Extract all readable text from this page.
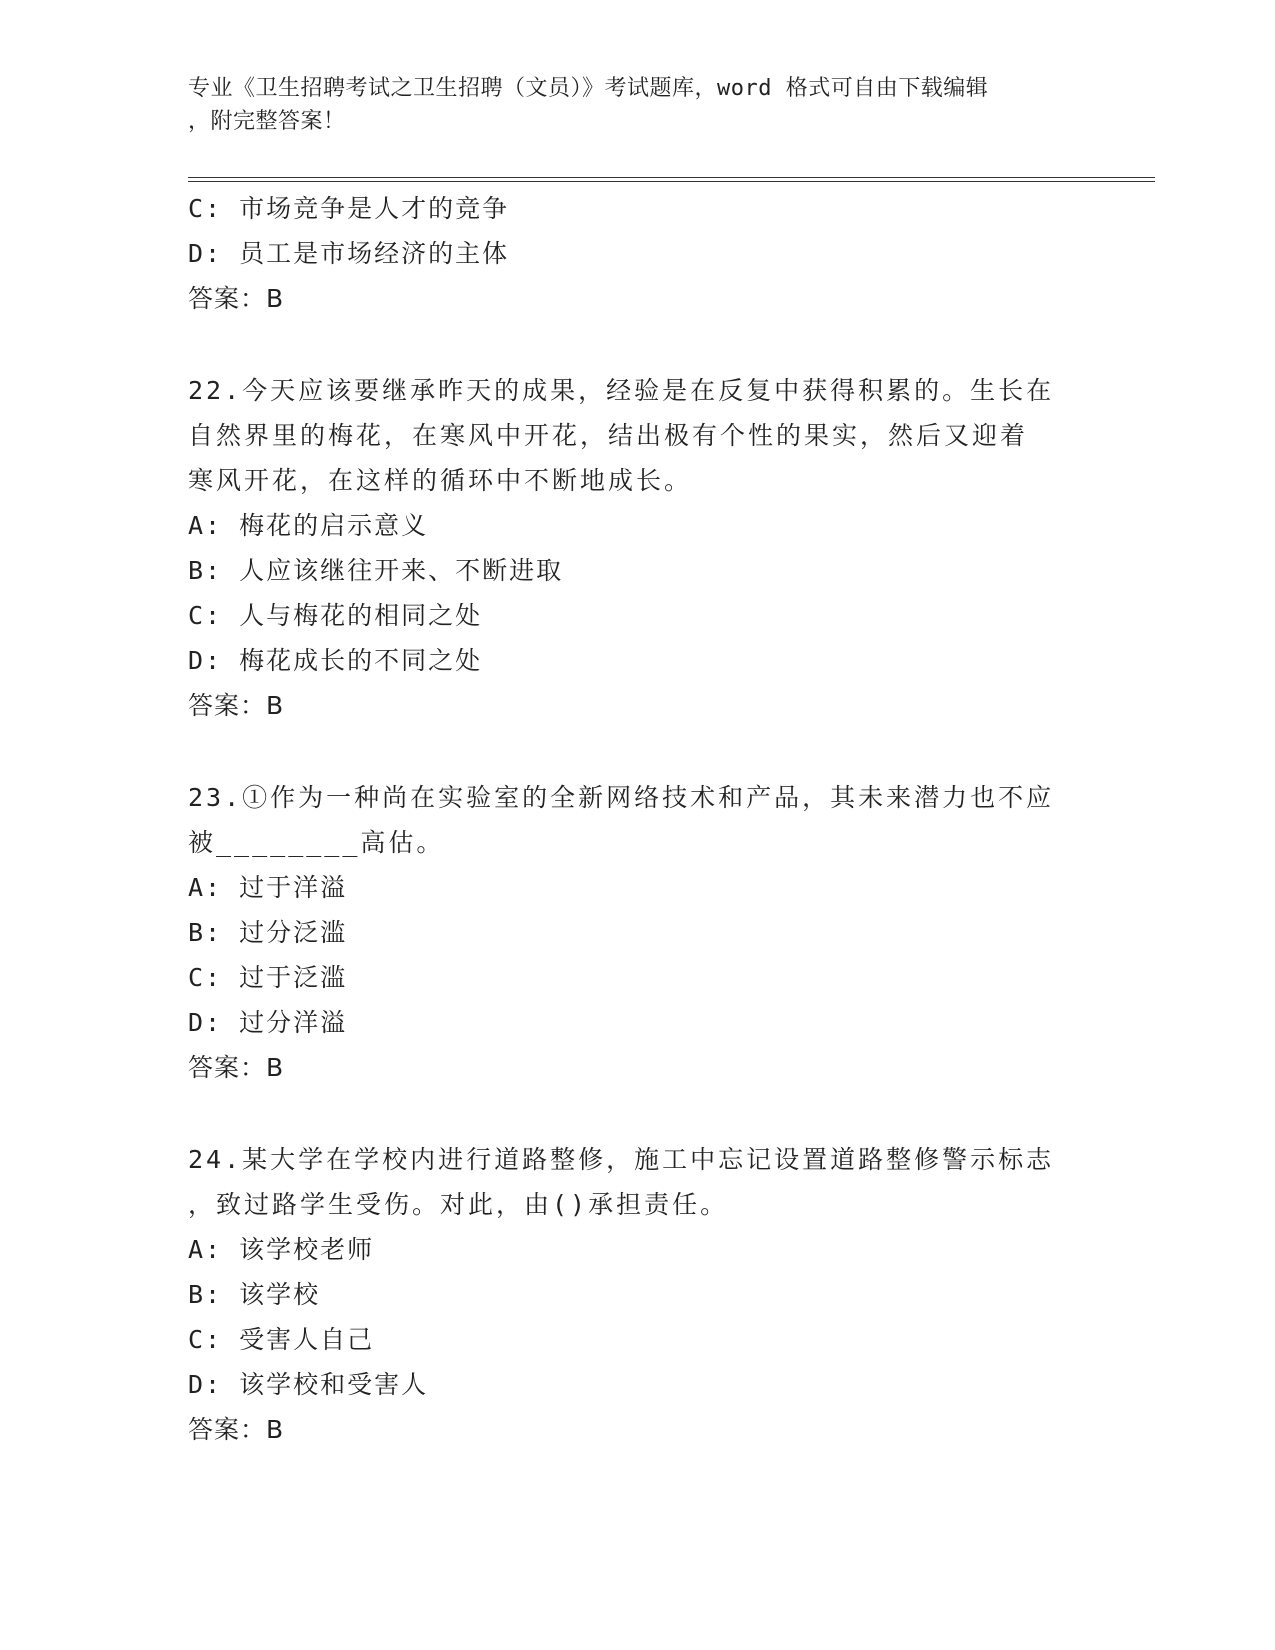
专业《卫生招聘考试之卫生招聘（文员）》考试题库，word 格式可自由下载编辑
，附完整答案！
C: 市场竞争是人才的竞争
D: 员工是市场经济的主体
答案：B
22.今天应该要继承昨天的成果，经验是在反复中获得积累的。生长在
自然界里的梅花，在寒风中开花，结出极有个性的果实，然后又迎着
寒风开花，在这样的循环中不断地成长。
A: 梅花的启示意义
B: 人应该继往开来、不断进取
C: 人与梅花的相同之处
D: 梅花成长的不同之处
答案：B
23.①作为一种尚在实验室的全新网络技术和产品，其未来潜力也不应
被________高估。
A: 过于洋溢
B: 过分泛滥
C: 过于泛滥
D: 过分洋溢
答案：B
24.某大学在学校内进行道路整修，施工中忘记设置道路整修警示标志
，致过路学生受伤。对此，由()承担责任。
A: 该学校老师
B: 该学校
C: 受害人自己
D: 该学校和受害人
答案：B
